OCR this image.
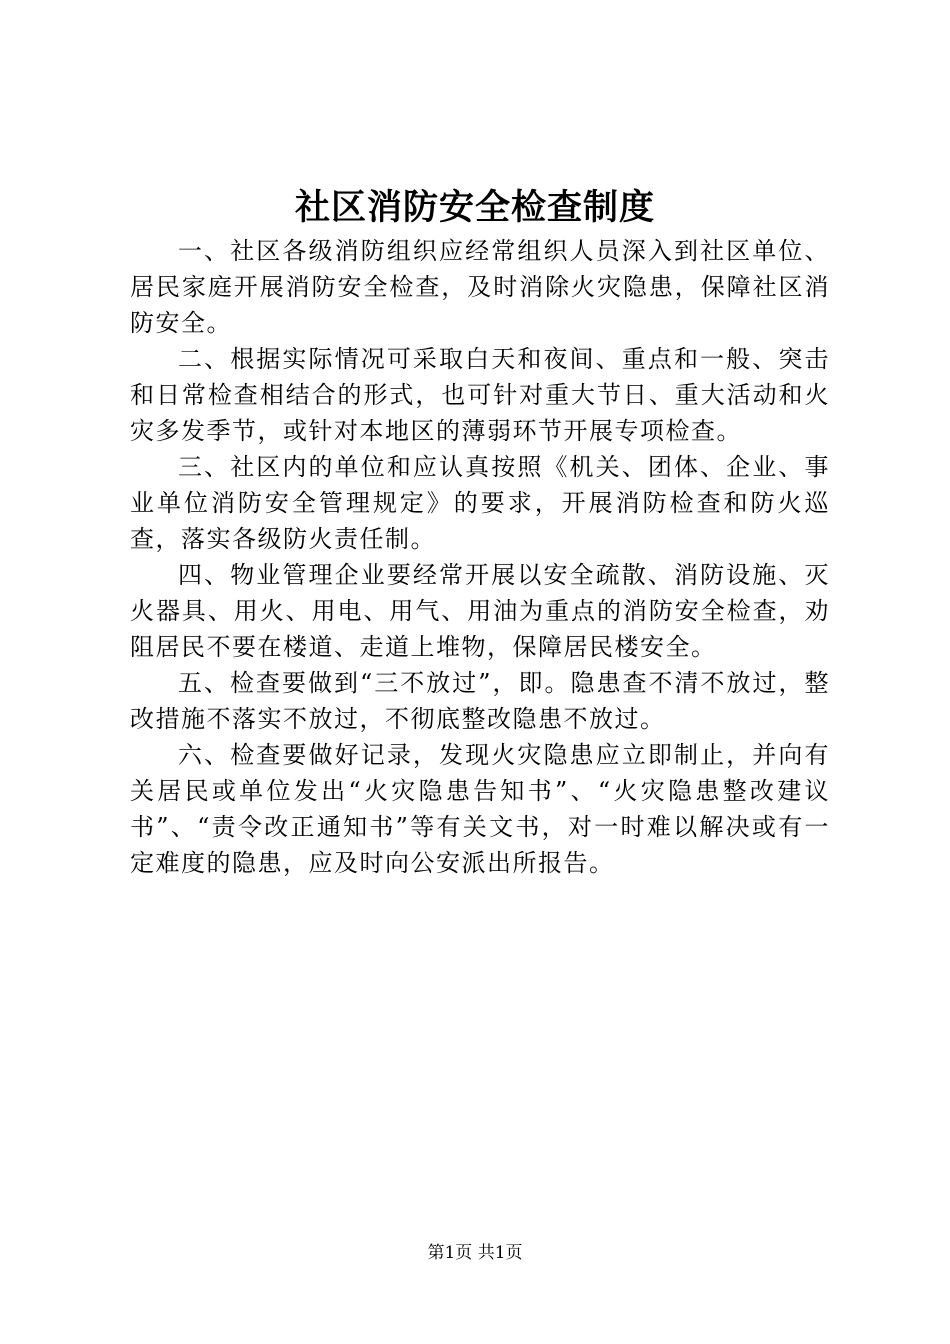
社区消防安全检查制度

一、社区各级消防组织应经常组织人员深入到社区单位、居民家庭开展消防安全检查，及时消除火灾隐患，保障社区消防安全。

二、根据实际情况可采取白天和夜间、重点和一般、突击和日常检查相结合的形式，也可针对重大节日、重大活动和火灾多发季节，或针对本地区的薄弱环节开展专项检查。

三、社区内的单位和应认真按照《机关、团体、企业、事业单位消防安全管理规定》的要求，开展消防检查和防火巡查，落实各级防火责任制。

四、物业管理企业要经常开展以安全疏散、消防设施、灭火器具、用火、用电、用气、用油为重点的消防安全检查，劝阻居民不要在楼道、走道上堆物，保障居民楼安全。

五、检查要做到“三不放过”，即。隐患查不清不放过，整改措施不落实不放过，不彻底整改隐患不放过。

六、检查要做好记录，发现火灾隐患应立即制止，并向有关居民或单位发出“火灾隐患告知书”、“火灾隐患整改建议书”、“责令改正通知书”等有关文书，对一时难以解决或有一定难度的隐患，应及时向公安派出所报告。

第1页 共1页
